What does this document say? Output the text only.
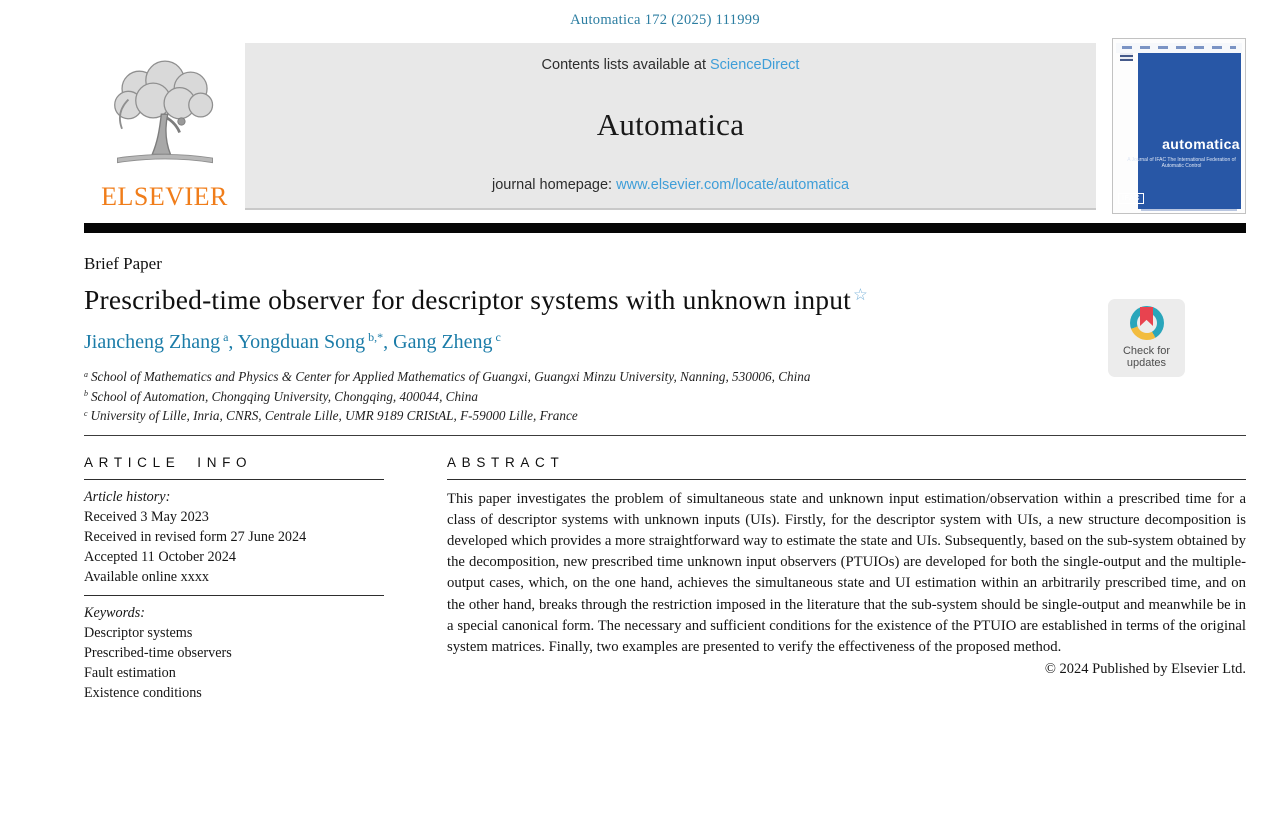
Automatica 172 (2025) 111999
ELSEVIER
Contents lists available at ScienceDirect
Automatica
journal homepage: www.elsevier.com/locate/automatica
automatica
A Journal of IFAC The International Federation of Automatic Control
IFAC
Brief Paper
Prescribed-time observer for descriptor systems with unknown input ☆
Jiancheng Zhang $^a$, Yongduan Song $^{b,*}$, Gang Zheng $^c$
$^a$ School of Mathematics and Physics & Center for Applied Mathematics of Guangxi, Guangxi Minzu University, Nanning, 530006, China
$^b$ School of Automation, Chongqing University, Chongqing, 400044, China
$^c$ University of Lille, Inria, CNRS, Centrale Lille, UMR 9189 CRIStAL, F-59000 Lille, France
ARTICLE INFO
Article history:
Received 3 May 2023
Received in revised form 27 June 2024
Accepted 11 October 2024
Available online xxxx
Keywords:
Descriptor systems
Prescribed-time observers
Fault estimation
Existence conditions
ABSTRACT
This paper investigates the problem of simultaneous state and unknown input estimation/observation within a prescribed time for a class of descriptor systems with unknown inputs (UIs). Firstly, for the descriptor system with UIs, a new structure decomposition is developed which provides a more straightforward way to estimate the state and UIs. Subsequently, based on the sub-system obtained by the decomposition, new prescribed time unknown input observers (PTUIOs) are developed for both the single-output and the multiple-output cases, which, on the one hand, achieves the simultaneous state and UI estimation within an arbitrarily prescribed time, and on the other hand, breaks through the restriction imposed in the literature that the sub-system should be single-output and meanwhile be in a special canonical form. The necessary and sufficient conditions for the existence of the PTUIO are established in terms of the original system matrices. Finally, two examples are presented to verify the effectiveness of the proposed method.
© 2024 Published by Elsevier Ltd.
Check for
updates
